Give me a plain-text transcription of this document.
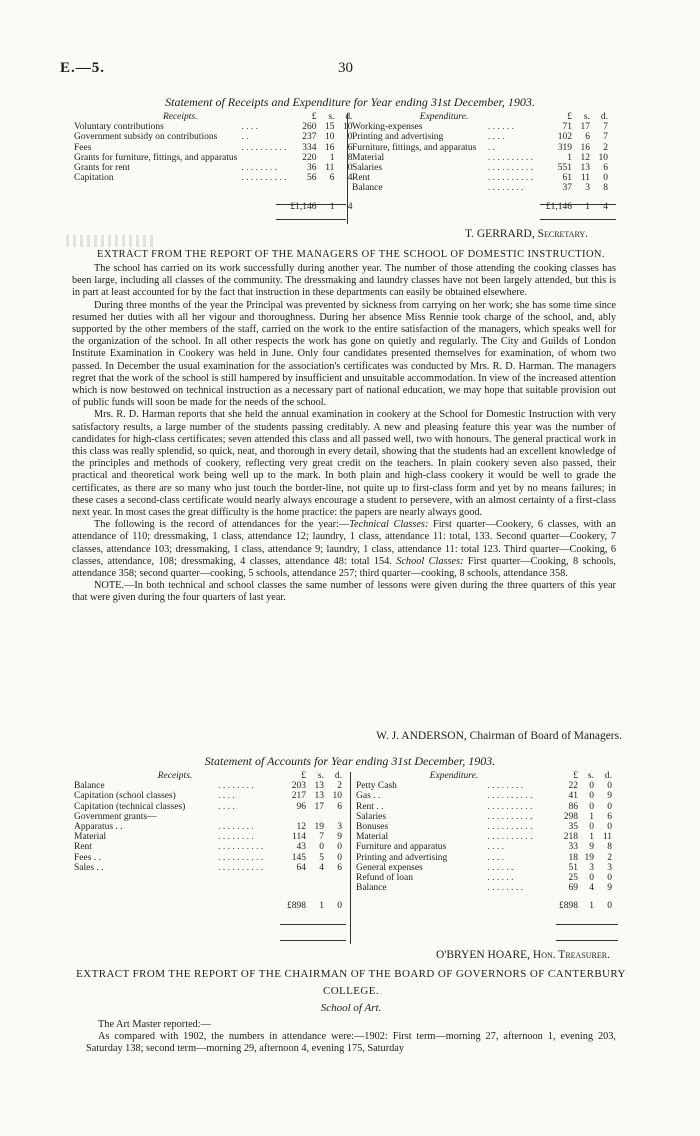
E.—5.	30
Statement of Receipts and Expenditure for Year ending 31st December, 1903.
Receipts.		£	s.	d.
Voluntary contributions	. . . .	260	15	10
Government subsidy on contributions	. .	237	10	0
Fees	. . . . . . . . . .	334	16	6
Grants for furniture, fittings, and apparatus		220	1	8
Grants for rent	. . . . . . . .	36	11	0
Capitation	. . . . . . . . . .	56	6	4

		£1,146	1	4
Expenditure.		£	s.	d.
Working-expenses	. . . . . .	71	17	7
Printing and advertising	. . . .	102	6	7
Furniture, fittings, and apparatus	. .	319	16	2
Material	. . . . . . . . . .	1	12	10
Salaries	. . . . . . . . . .	551	13	6
Rent	. . . . . . . . . .	61	11	0
Balance	. . . . . . . .	37	3	8

		£1,146	1	4
T. GERRARD, Secretary.
EXTRACT FROM THE REPORT OF THE MANAGERS OF THE SCHOOL OF DOMESTIC INSTRUCTION.

The school has carried on its work successfully during another year. The number of those attending the cooking classes has been large, including all classes of the community. The dressmaking and laundry classes have not been largely attended, but this is in part at least accounted for by the fact that instruction in these departments can easily be obtained elsewhere.

During three months of the year the Principal was prevented by sickness from carrying on her work; she has some time since resumed her duties with all her vigour and thoroughness. During her absence Miss Rennie took charge of the school, and, ably supported by the other members of the staff, carried on the work to the entire satisfaction of the managers, which speaks well for the organization of the school. In all other respects the work has gone on quietly and regularly. The City and Guilds of London Institute Examination in Cookery was held in June. Only four candidates presented themselves for examination, of whom two passed. In December the usual examination for the association's certificates was conducted by Mrs. R. D. Harman. The managers regret that the work of the school is still hampered by insufficient and unsuitable accommodation. In view of the increased attention which is now bestowed on technical instruction as a necessary part of national education, we may hope that suitable provision out of public funds will soon be made for the needs of the school.

Mrs. R. D. Harman reports that she held the annual examination in cookery at the School for Domestic Instruction with very satisfactory results, a large number of the students passing creditably. A new and pleasing feature this year was the number of candidates for high-class certificates; seven attended this class and all passed well, two with honours. The general practical work in this class was really splendid, so quick, neat, and thorough in every detail, showing that the students had an excellent knowledge of the principles and methods of cookery, reflecting very great credit on the teachers. In plain cookery seven also passed, their practical and theoretical work being well up to the mark. In both plain and high-class cookery it would be well to grade the certificates, as there are so many who just touch the border-line, not quite up to first-class form and yet by no means failures; in these cases a second-class certificate would nearly always encourage a student to persevere, with an almost certainty of a first-class next year. In most cases the great difficulty is the home practice: the papers are nearly always good.

The following is the record of attendances for the year:—Technical Classes: First quarter—Cookery, 6 classes, with an attendance of 110; dressmaking, 1 class, attendance 12; laundry, 1 class, attendance 11: total, 133. Second quarter—Cookery, 7 classes, attendance 103; dressmaking, 1 class, attendance 9; laundry, 1 class, attendance 11: total 123. Third quarter—Cooking, 6 classes, attendance, 108; dressmaking, 4 classes, attendance 48: total 154. School Classes: First quarter—Cooking, 8 schools, attendance 358; second quarter—cooking, 5 schools, attendance 257; third quarter—cooking, 8 schools, attendance 358.

NOTE.—In both technical and school classes the same number of lessons were given during the three quarters of this year that were given during the four quarters of last year.

W. J. ANDERSON, Chairman of Board of Managers.
Statement of Accounts for Year ending 31st December, 1903.
Receipts.		£	s.	d.
Balance	. . . . . . . .	203	13	2
Capitation (school classes)	. . . .	217	13	10
Capitation (technical classes)	. . . .	96	17	6
Government grants—				
Apparatus . .	. . . . . . . .	12	19	3
Material	. . . . . . . .	114	7	9
Rent	. . . . . . . . . .	43	0	0
Fees . .	. . . . . . . . . .	145	5	0
Sales . .	. . . . . . . . . .	64	4	6

		£898	1	0
Expenditure.		£	s.	d.
Petty Cash	. . . . . . . .	22	0	0
Gas . .	. . . . . . . . . .	41	0	9
Rent . .	. . . . . . . . . .	86	0	0
Salaries	. . . . . . . . . .	298	1	6
Bonuses	. . . . . . . . . .	35	0	0
Material	. . . . . . . . . .	218	1	11
Furniture and apparatus	. . . .	33	9	8
Printing and advertising	. . . .	18	19	2
General expenses	. . . . . .	51	3	3
Refund of loan	. . . . . .	25	0	0
Balance	. . . . . . . .	69	4	9

		£898	1	0
O'BRYEN HOARE, Hon. Treasurer.
EXTRACT FROM THE REPORT OF THE CHAIRMAN OF THE BOARD OF GOVERNORS OF CANTERBURY
COLLEGE.
School of Art.

The Art Master reported:—

As compared with 1902, the numbers in attendance were:—1902: First term—morning 27, afternoon 1, evening 203, Saturday 138; second term—morning 29, afternoon 4, evening 175, Saturday
